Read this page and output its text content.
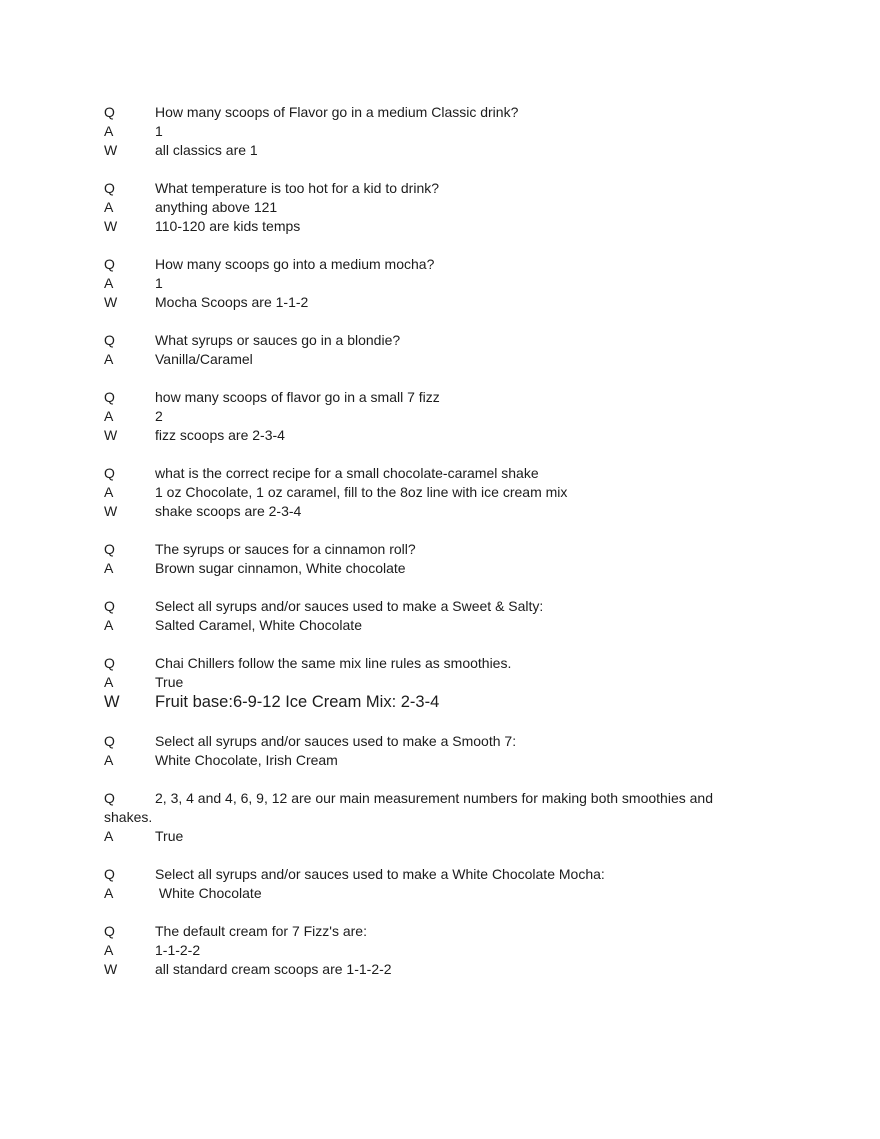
Q	How many scoops of Flavor go in a medium Classic drink?
A	1
W	all classics are 1
Q	What temperature is too hot for a kid to drink?
A	anything above 121
W	110-120 are kids temps
Q	How many scoops go into a medium mocha?
A	1
W	Mocha Scoops are 1-1-2
Q	What syrups or sauces go in a blondie?
A	Vanilla/Caramel
Q	how many scoops of flavor go in a small 7 fizz
A	2
W	fizz scoops are 2-3-4
Q	what is the correct recipe for a small chocolate-caramel shake
A	1 oz Chocolate, 1 oz caramel, fill to the 8oz line with ice cream mix
W	shake scoops are 2-3-4
Q	The syrups or sauces for a cinnamon roll?
A	Brown sugar cinnamon, White chocolate
Q	Select all syrups and/or sauces used to make a Sweet & Salty:
A	Salted Caramel, White Chocolate
Q	Chai Chillers follow the same mix line rules as smoothies.
A	True
W	Fruit base:6-9-12 Ice Cream Mix: 2-3-4
Q	Select all syrups and/or sauces used to make a Smooth 7:
A	White Chocolate, Irish Cream
Q	2, 3, 4 and 4, 6, 9, 12 are our main measurement numbers for making both smoothies and
shakes.
A	True
Q	Select all syrups and/or sauces used to make a White Chocolate Mocha:
A	White Chocolate
Q	The default cream for 7 Fizz's are:
A	1-1-2-2
W	all standard cream scoops are 1-1-2-2
